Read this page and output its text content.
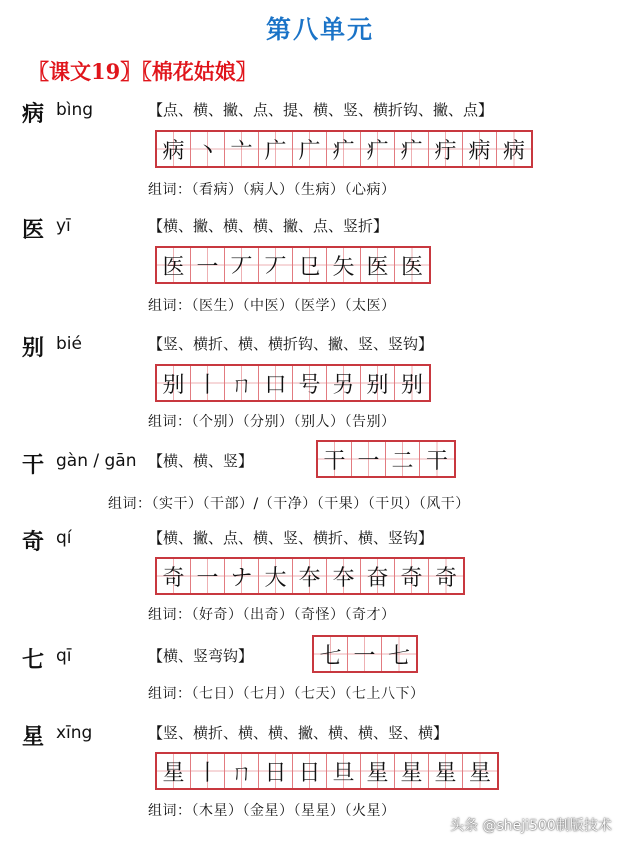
第八单元
〖课文19〗〖棉花姑娘〗
病 bìng	【点、横、撇、点、提、横、竖、横折钩、撇、点】
病 丶 亠 广 广 疒 疒 疒 疔 病 病
组词：（看病）（病人）（生病）（心病）
医 yī	【横、撇、横、横、撇、点、竖折】
医 一 丆 丆 㔾 矢 医 医
组词：（医生）（中医）（医学）（太医）
别 bié	【竖、横折、横、横折钩、撇、竖、竖钩】
别 丨 ㄇ 口 号 另 别 别
组词：（个别）（分别）（别人）（告别）
干 gàn / gān 【横、横、竖】	干 一 二 干
组词：（实干）（干部）/（干净）（干果）（干贝）（风干）
奇 qí	【横、撇、点、横、竖、横折、横、竖钩】
奇 一 ナ 大 夲 夲 奋 奇 奇
组词：（好奇）（出奇）（奇怪）（奇才）
七 qī	【横、竖弯钩】	七 一 七
组词：（七日）（七月）（七天）（七上八下）
星 xīng	【竖、横折、横、横、撇、横、横、竖、横】
星 丨 ㄇ 日 日 旦 星 星 星 星
组词：（木星）（金星）（星星）（火星）
头条 @sheji500制版技术
